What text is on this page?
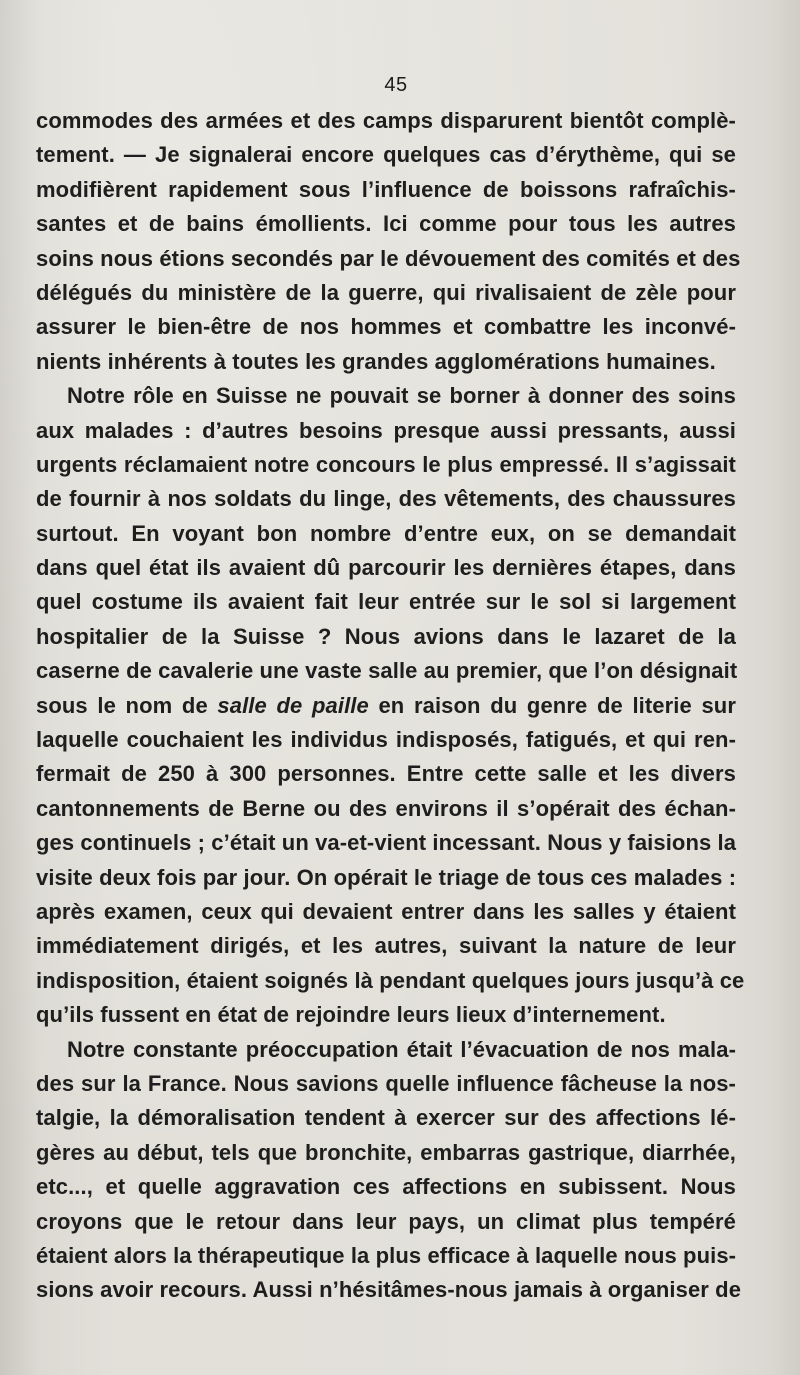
45
commodes des armées et des camps disparurent bientôt complè-
tement. — Je signalerai encore quelques cas d’érythème, qui se
modifièrent rapidement sous l’influence de boissons rafraîchis-
santes et de bains émollients. Ici comme pour tous les autres
soins nous étions secondés par le dévouement des comités et des
délégués du ministère de la guerre, qui rivalisaient de zèle pour
assurer le bien-être de nos hommes et combattre les inconvé-
nients inhérents à toutes les grandes agglomérations humaines.
Notre rôle en Suisse ne pouvait se borner à donner des soins
aux malades : d’autres besoins presque aussi pressants, aussi
urgents réclamaient notre concours le plus empressé. Il s’agissait
de fournir à nos soldats du linge, des vêtements, des chaussures
surtout. En voyant bon nombre d’entre eux, on se demandait
dans quel état ils avaient dû parcourir les dernières étapes, dans
quel costume ils avaient fait leur entrée sur le sol si largement
hospitalier de la Suisse ? Nous avions dans le lazaret de la
caserne de cavalerie une vaste salle au premier, que l’on désignait
sous le nom de salle de paille en raison du genre de literie sur
laquelle couchaient les individus indisposés, fatigués, et qui ren-
fermait de 250 à 300 personnes. Entre cette salle et les divers
cantonnements de Berne ou des environs il s’opérait des échan-
ges continuels ; c’était un va-et-vient incessant. Nous y faisions la
visite deux fois par jour. On opérait le triage de tous ces malades :
après examen, ceux qui devaient entrer dans les salles y étaient
immédiatement dirigés, et les autres, suivant la nature de leur
indisposition, étaient soignés là pendant quelques jours jusqu’à ce
qu’ils fussent en état de rejoindre leurs lieux d’internement.
Notre constante préoccupation était l’évacuation de nos mala-
des sur la France. Nous savions quelle influence fâcheuse la nos-
talgie, la démoralisation tendent à exercer sur des affections lé-
gères au début, tels que bronchite, embarras gastrique, diarrhée,
etc..., et quelle aggravation ces affections en subissent. Nous
croyons que le retour dans leur pays, un climat plus tempéré
étaient alors la thérapeutique la plus efficace à laquelle nous puis-
sions avoir recours. Aussi n’hésitâmes-nous jamais à organiser de
